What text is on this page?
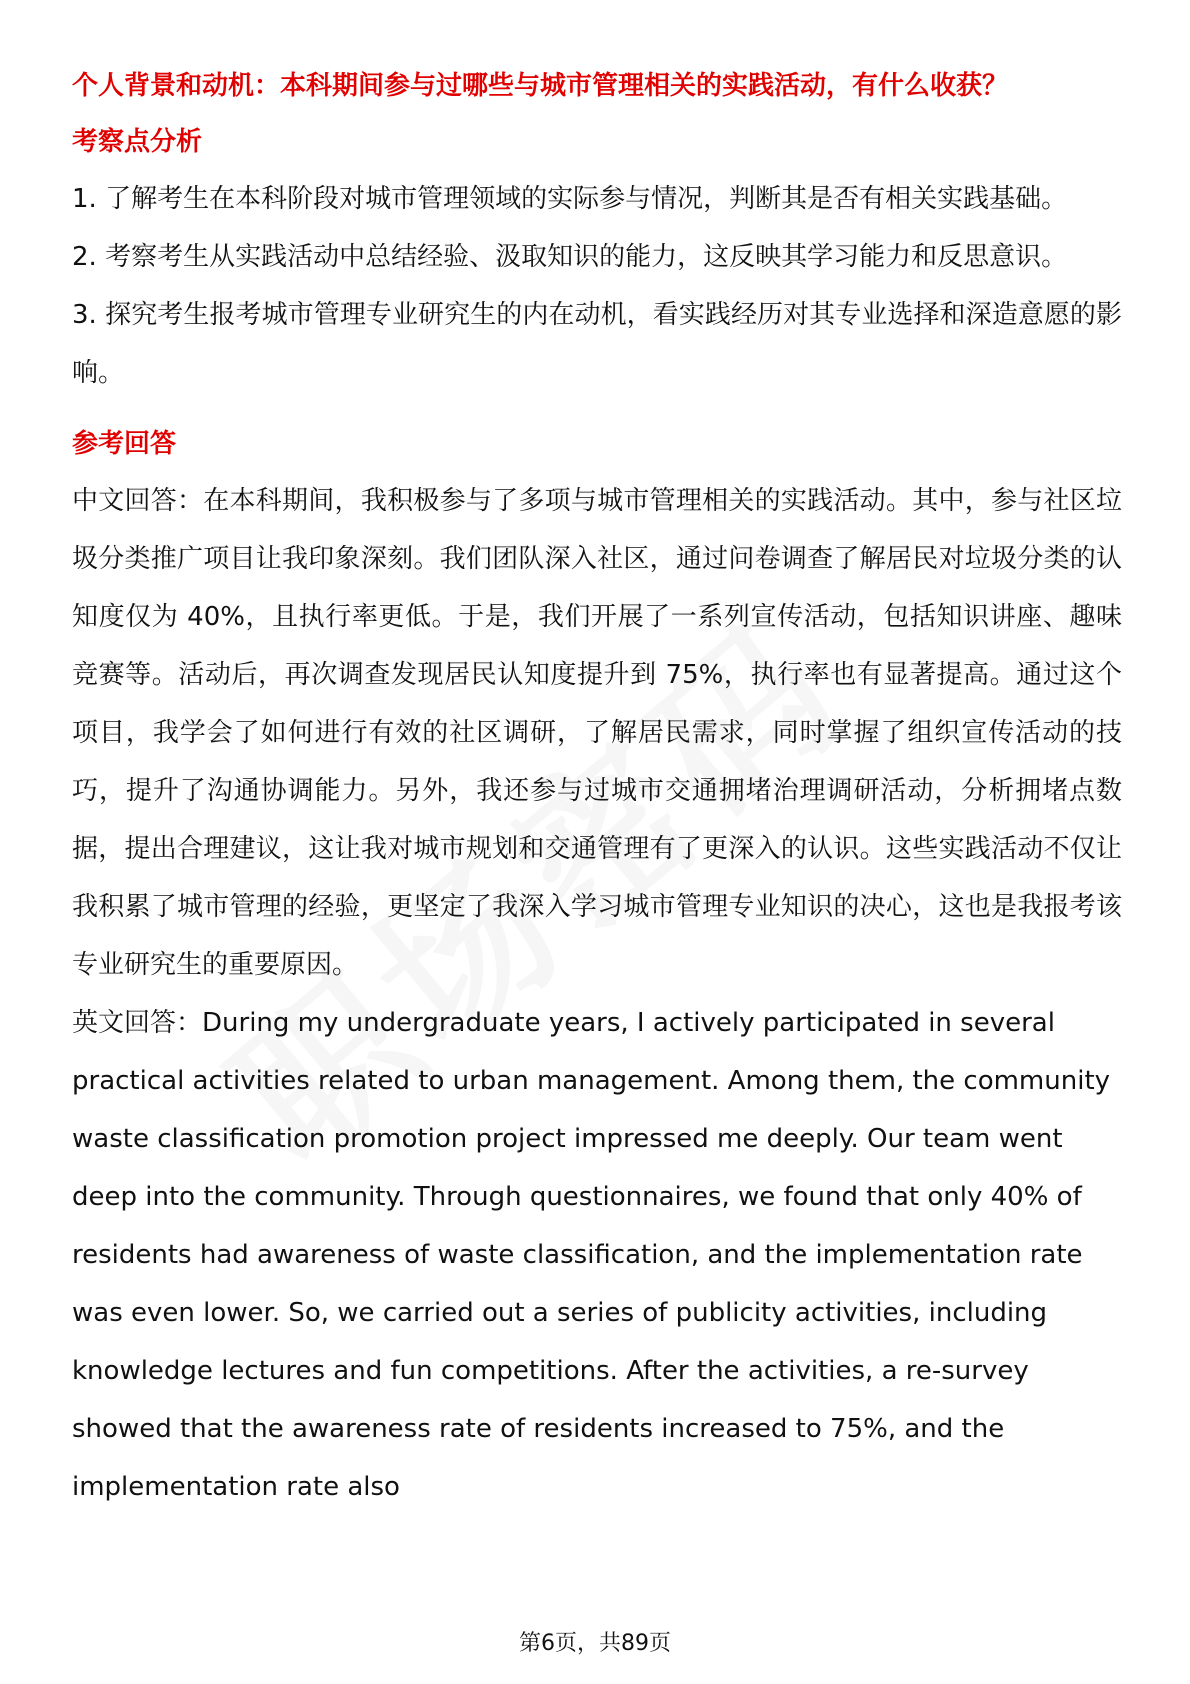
个人背景和动机：本科期间参与过哪些与城市管理相关的实践活动，有什么收获？

考察点分析

1. 了解考生在本科阶段对城市管理领域的实际参与情况，判断其是否有相关实践基础。

2. 考察考生从实践活动中总结经验、汲取知识的能力，这反映其学习能力和反思意识。

3. 探究考生报考城市管理专业研究生的内在动机，看实践经历对其专业选择和深造意愿的影响。

参考回答

中文回答：在本科期间，我积极参与了多项与城市管理相关的实践活动。其中，参与社区垃圾分类推广项目让我印象深刻。我们团队深入社区，通过问卷调查了解居民对垃圾分类的认知度仅为 40%，且执行率更低。于是，我们开展了一系列宣传活动，包括知识讲座、趣味竞赛等。活动后，再次调查发现居民认知度提升到 75%，执行率也有显著提高。通过这个项目，我学会了如何进行有效的社区调研，了解居民需求，同时掌握了组织宣传活动的技巧，提升了沟通协调能力。另外，我还参与过城市交通拥堵治理调研活动，分析拥堵点数据，提出合理建议，这让我对城市规划和交通管理有了更深入的认识。这些实践活动不仅让我积累了城市管理的经验，更坚定了我深入学习城市管理专业知识的决心，这也是我报考该专业研究生的重要原因。

英文回答：During my undergraduate years, I actively participated in several practical activities related to urban management. Among them, the community waste classification promotion project impressed me deeply. Our team went deep into the community. Through questionnaires, we found that only 40% of residents had awareness of waste classification, and the implementation rate was even lower. So, we carried out a series of publicity activities, including knowledge lectures and fun competitions. After the activities, a re-survey showed that the awareness rate of residents increased to 75%, and the implementation rate also

第6页，共89页
